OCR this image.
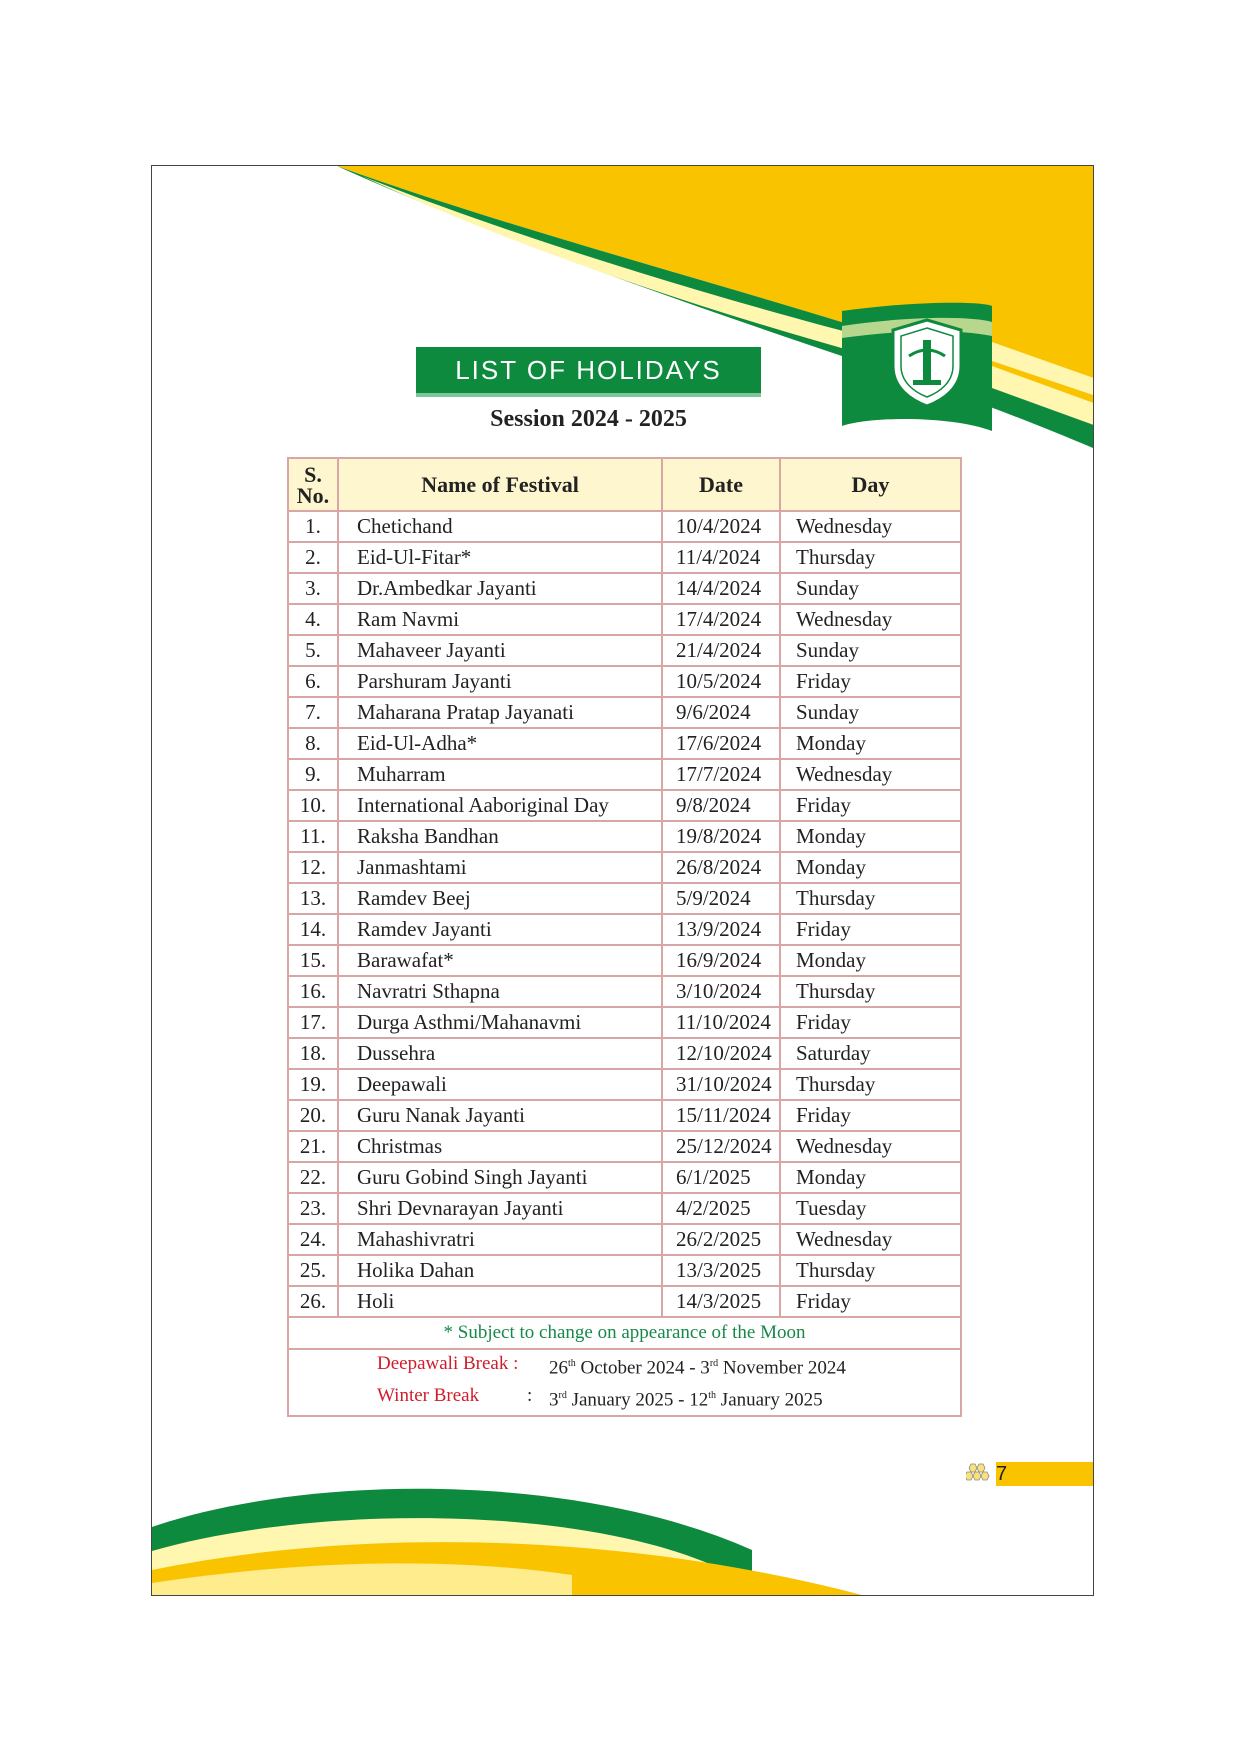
LIST OF HOLIDAYS
Session 2024 - 2025
S. No.	Name of Festival	Date	Day
1.	Chetichand	10/4/2024	Wednesday
2.	Eid-Ul-Fitar*	11/4/2024	Thursday
3.	Dr.Ambedkar Jayanti	14/4/2024	Sunday
4.	Ram Navmi	17/4/2024	Wednesday
5.	Mahaveer Jayanti	21/4/2024	Sunday
6.	Parshuram Jayanti	10/5/2024	Friday
7.	Maharana Pratap Jayanati	9/6/2024	Sunday
8.	Eid-Ul-Adha*	17/6/2024	Monday
9.	Muharram	17/7/2024	Wednesday
10.	International Aaboriginal Day	9/8/2024	Friday
11.	Raksha Bandhan	19/8/2024	Monday
12.	Janmashtami	26/8/2024	Monday
13.	Ramdev Beej	5/9/2024	Thursday
14.	Ramdev Jayanti	13/9/2024	Friday
15.	Barawafat*	16/9/2024	Monday
16.	Navratri Sthapna	3/10/2024	Thursday
17.	Durga Asthmi/Mahanavmi	11/10/2024	Friday
18.	Dussehra	12/10/2024	Saturday
19.	Deepawali	31/10/2024	Thursday
20.	Guru Nanak Jayanti	15/11/2024	Friday
21.	Christmas	25/12/2024	Wednesday
22.	Guru Gobind Singh Jayanti	6/1/2025	Monday
23.	Shri Devnarayan Jayanti	4/2/2025	Tuesday
24.	Mahashivratri	26/2/2025	Wednesday
25.	Holika Dahan	13/3/2025	Thursday
26.	Holi	14/3/2025	Friday
* Subject to change on appearance of the Moon			

Deepawali Break : 26th October 2024 - 3rd November 2024
Winter Break : 3rd January 2025 - 12th January 2025			
7
